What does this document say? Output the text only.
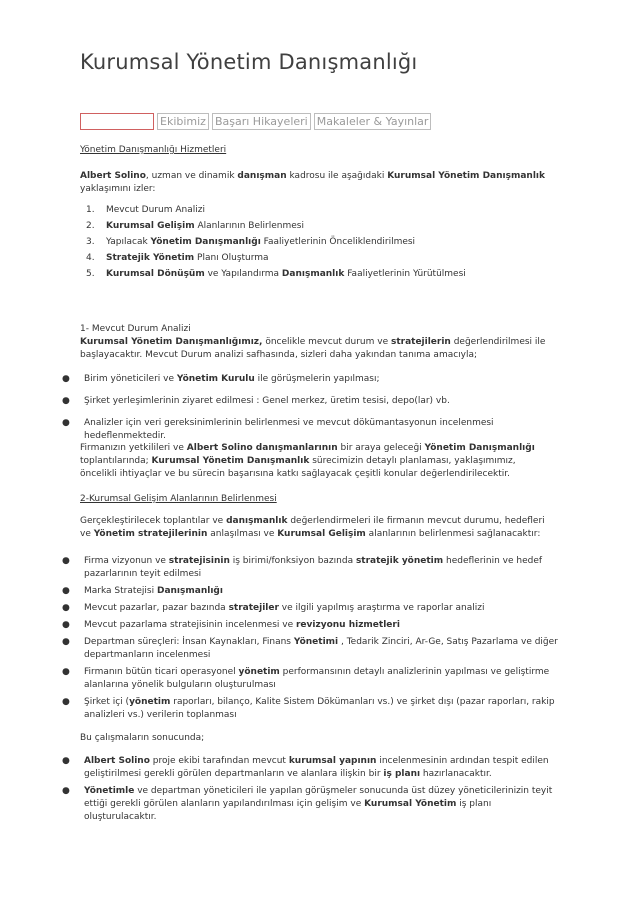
Kurumsal Yönetim Danışmanlığı
Ekibimiz Başarı Hikayeleri Makaleler & Yayınlar
Yönetim Danışmanlığı Hizmetleri
Albert Solino, uzman ve dinamik danışman kadrosu ile aşağıdaki Kurumsal Yönetim Danışmanlık yaklaşımını izler:
1. Mevcut Durum Analizi
2. Kurumsal Gelişim Alanlarının Belirlenmesi
3. Yapılacak Yönetim Danışmanlığı Faaliyetlerinin Önceliklendirilmesi
4. Stratejik Yönetim Planı Oluşturma
5. Kurumsal Dönüşüm ve Yapılandırma Danışmanlık Faaliyetlerinin Yürütülmesi
1- Mevcut Durum Analizi
Kurumsal Yönetim Danışmanlığımız, öncelikle mevcut durum ve stratejilerin değerlendirilmesi ile başlayacaktır. Mevcut Durum analizi safhasında, sizleri daha yakından tanıma amacıyla;
● Birim yöneticileri ve Yönetim Kurulu ile görüşmelerin yapılması;
● Şirket yerleşimlerinin ziyaret edilmesi : Genel merkez, üretim tesisi, depo(lar) vb.
● Analizler için veri gereksinimlerinin belirlenmesi ve mevcut dökümantasyonun incelenmesi hedeflenmektedir.
Firmanızın yetkilileri ve Albert Solino danışmanlarının bir araya geleceği Yönetim Danışmanlığı toplantılarında; Kurumsal Yönetim Danışmanlık sürecimizin detaylı planlaması, yaklaşımımız, öncelikli ihtiyaçlar ve bu sürecin başarısına katkı sağlayacak çeşitli konular değerlendirilecektir.
2-Kurumsal Gelişim Alanlarının Belirlenmesi
Gerçekleştirilecek toplantılar ve danışmanlık değerlendirmeleri ile firmanın mevcut durumu, hedefleri ve Yönetim stratejilerinin anlaşılması ve Kurumsal Gelişim alanlarının belirlenmesi sağlanacaktır:
● Firma vizyonun ve stratejisinin iş birimi/fonksiyon bazında stratejik yönetim hedeflerinin ve hedef pazarlarının teyit edilmesi
● Marka Stratejisi Danışmanlığı
● Mevcut pazarlar, pazar bazında stratejiler ve ilgili yapılmış araştırma ve raporlar analizi
● Mevcut pazarlama stratejisinin incelenmesi ve revizyonu hizmetleri
● Departman süreçleri: İnsan Kaynakları, Finans Yönetimi , Tedarik Zinciri, Ar-Ge, Satış Pazarlama ve diğer departmanların incelenmesi
● Firmanın bütün ticari operasyonel yönetim performansının detaylı analizlerinin yapılması ve geliştirme alanlarına yönelik bulguların oluşturulması
● Şirket içi (yönetim raporları, bilanço, Kalite Sistem Dökümanları vs.) ve şirket dışı (pazar raporları, rakip analizleri vs.) verilerin toplanması
Bu çalışmaların sonucunda;
● Albert Solino proje ekibi tarafından mevcut kurumsal yapının incelenmesinin ardından tespit edilen geliştirilmesi gerekli görülen departmanların ve alanlara ilişkin bir iş planı hazırlanacaktır.
● Yönetimle ve departman yöneticileri ile yapılan görüşmeler sonucunda üst düzey yöneticilerinizin teyit ettiği gerekli görülen alanların yapılandırılması için gelişim ve Kurumsal Yönetim iş planı oluşturulacaktır.
